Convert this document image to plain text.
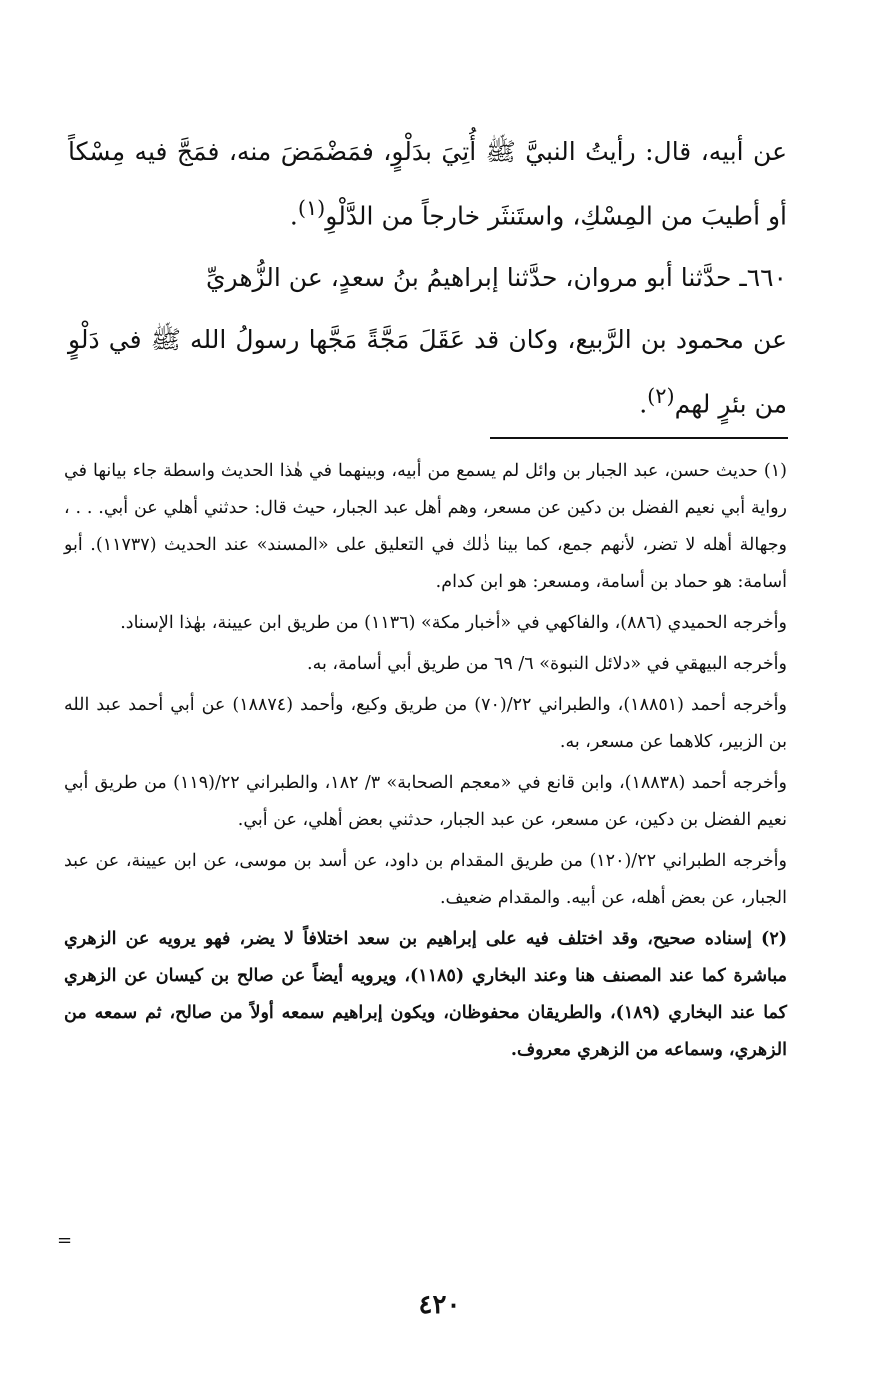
عن أبيه، قال: رأيتُ النبيَّ ﷺ أُتِيَ بدَلْوٍ، فمَضْمَضَ منه، فمَجَّ فيه مِسْكاً أو أطيبَ من المِسْكِ، واستَنثَر خارجاً من الدَّلْوِ$^{(١)}$.

٦٦٠ـ حدَّثنا أبو مروان، حدَّثنا إبراهيمُ بنُ سعدٍ، عن الزُّهريِّ

عن محمود بن الرَّبيع، وكان قد عَقَلَ مَجَّةً مَجَّها رسولُ الله ﷺ في دَلْوٍ من بئرٍ لهم$^{(٢)}$.

(١) حديث حسن، عبد الجبار بن وائل لم يسمع من أبيه، وبينهما في هٰذا الحديث واسطة جاء بيانها في رواية أبي نعيم الفضل بن دكين عن مسعر، وهم أهل عبد الجبار، حيث قال: حدثني أهلي عن أبي. . . ، وجهالة أهله لا تضر، لأنهم جمع، كما بينا ذٰلك في التعليق على «المسند» عند الحديث (١١٧٣٧). أبو أسامة: هو حماد بن أسامة، ومسعر: هو ابن كدام.

وأخرجه الحميدي (٨٨٦)، والفاكهي في «أخبار مكة» (١١٣٦) من طريق ابن عيينة، بهٰذا الإسناد.

وأخرجه البيهقي في «دلائل النبوة» ٦/ ٦٩ من طريق أبي أسامة، به.

وأخرجه أحمد (١٨٨٥١)، والطبراني ٢٢/(٧٠) من طريق وكيع، وأحمد (١٨٨٧٤) عن أبي أحمد عبد الله بن الزبير، كلاهما عن مسعر، به.

وأخرجه أحمد (١٨٨٣٨)، وابن قانع في «معجم الصحابة» ٣/ ١٨٢، والطبراني ٢٢/(١١٩) من طريق أبي نعيم الفضل بن دكين، عن مسعر، عن عبد الجبار، حدثني بعض أهلي، عن أبي.

وأخرجه الطبراني ٢٢/(١٢٠) من طريق المقدام بن داود، عن أسد بن موسى، عن ابن عيينة، عن عبد الجبار، عن بعض أهله، عن أبيه. والمقدام ضعيف.

(٢) إسناده صحيح، وقد اختلف فيه على إبراهيم بن سعد اختلافاً لا يضر، فهو يرويه عن الزهري مباشرة كما عند المصنف هنا وعند البخاري (١١٨٥)، ويرويه أيضاً عن صالح بن كيسان عن الزهري كما عند البخاري (١٨٩)، والطريقان محفوظان، ويكون إبراهيم سمعه أولاً من صالح، ثم سمعه من الزهري، وسماعه من الزهري معروف.

=
٤٢٠
